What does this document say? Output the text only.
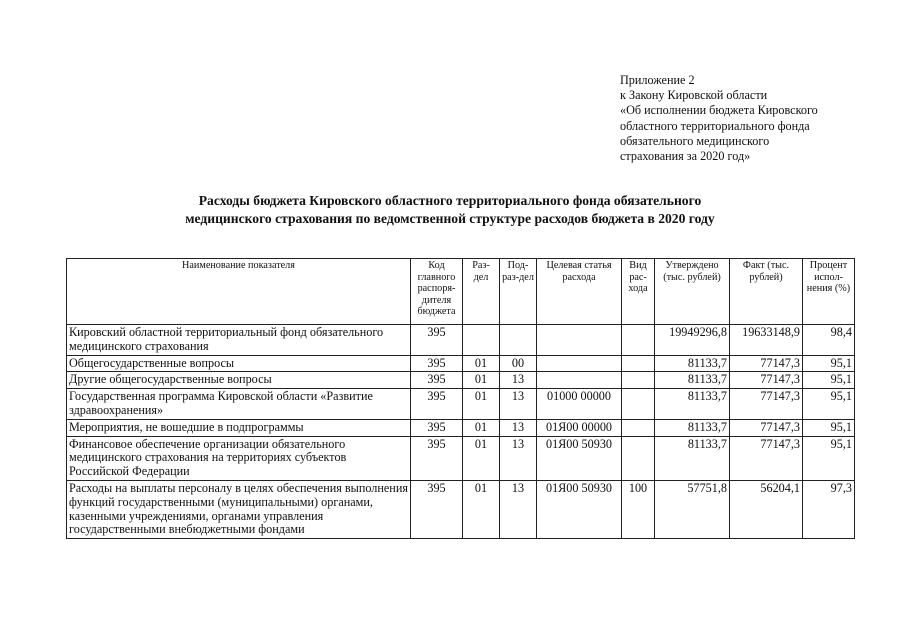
Приложение 2
к Закону Кировской области
«Об исполнении бюджета Кировского
областного территориального фонда
обязательного медицинского
страхования за 2020 год»
Расходы бюджета Кировского областного территориального фонда обязательного
медицинского страхования по ведомственной структуре расходов бюджета в 2020 году
Наименование показателя	Код главного распоря-дителя бюджета	Раз-дел	Под-раз-дел	Целевая статья расхода	Вид рас-хода	Утверждено (тыс. рублей)	Факт (тыс. рублей)	Процент испол-нения (%)
Кировский областной территориальный фонд обязательного медицинского страхования	395					19949296,8	19633148,9	98,4
Общегосударственные вопросы	395	01	00			81133,7	77147,3	95,1
Другие общегосударственные вопросы	395	01	13			81133,7	77147,3	95,1
Государственная программа Кировской области «Развитие здравоохранения»	395	01	13	01000 00000		81133,7	77147,3	95,1
Мероприятия, не вошедшие в подпрограммы	395	01	13	01Я00 00000		81133,7	77147,3	95,1
Финансовое обеспечение организации обязательного медицинского страхования на территориях субъектов Российской Федерации	395	01	13	01Я00 50930		81133,7	77147,3	95,1
Расходы на выплаты персоналу в целях обеспечения выполнения функций государственными (муниципальными) органами, казенными учреждениями, органами управления государственными внебюджетными фондами	395	01	13	01Я00 50930	100	57751,8	56204,1	97,3
